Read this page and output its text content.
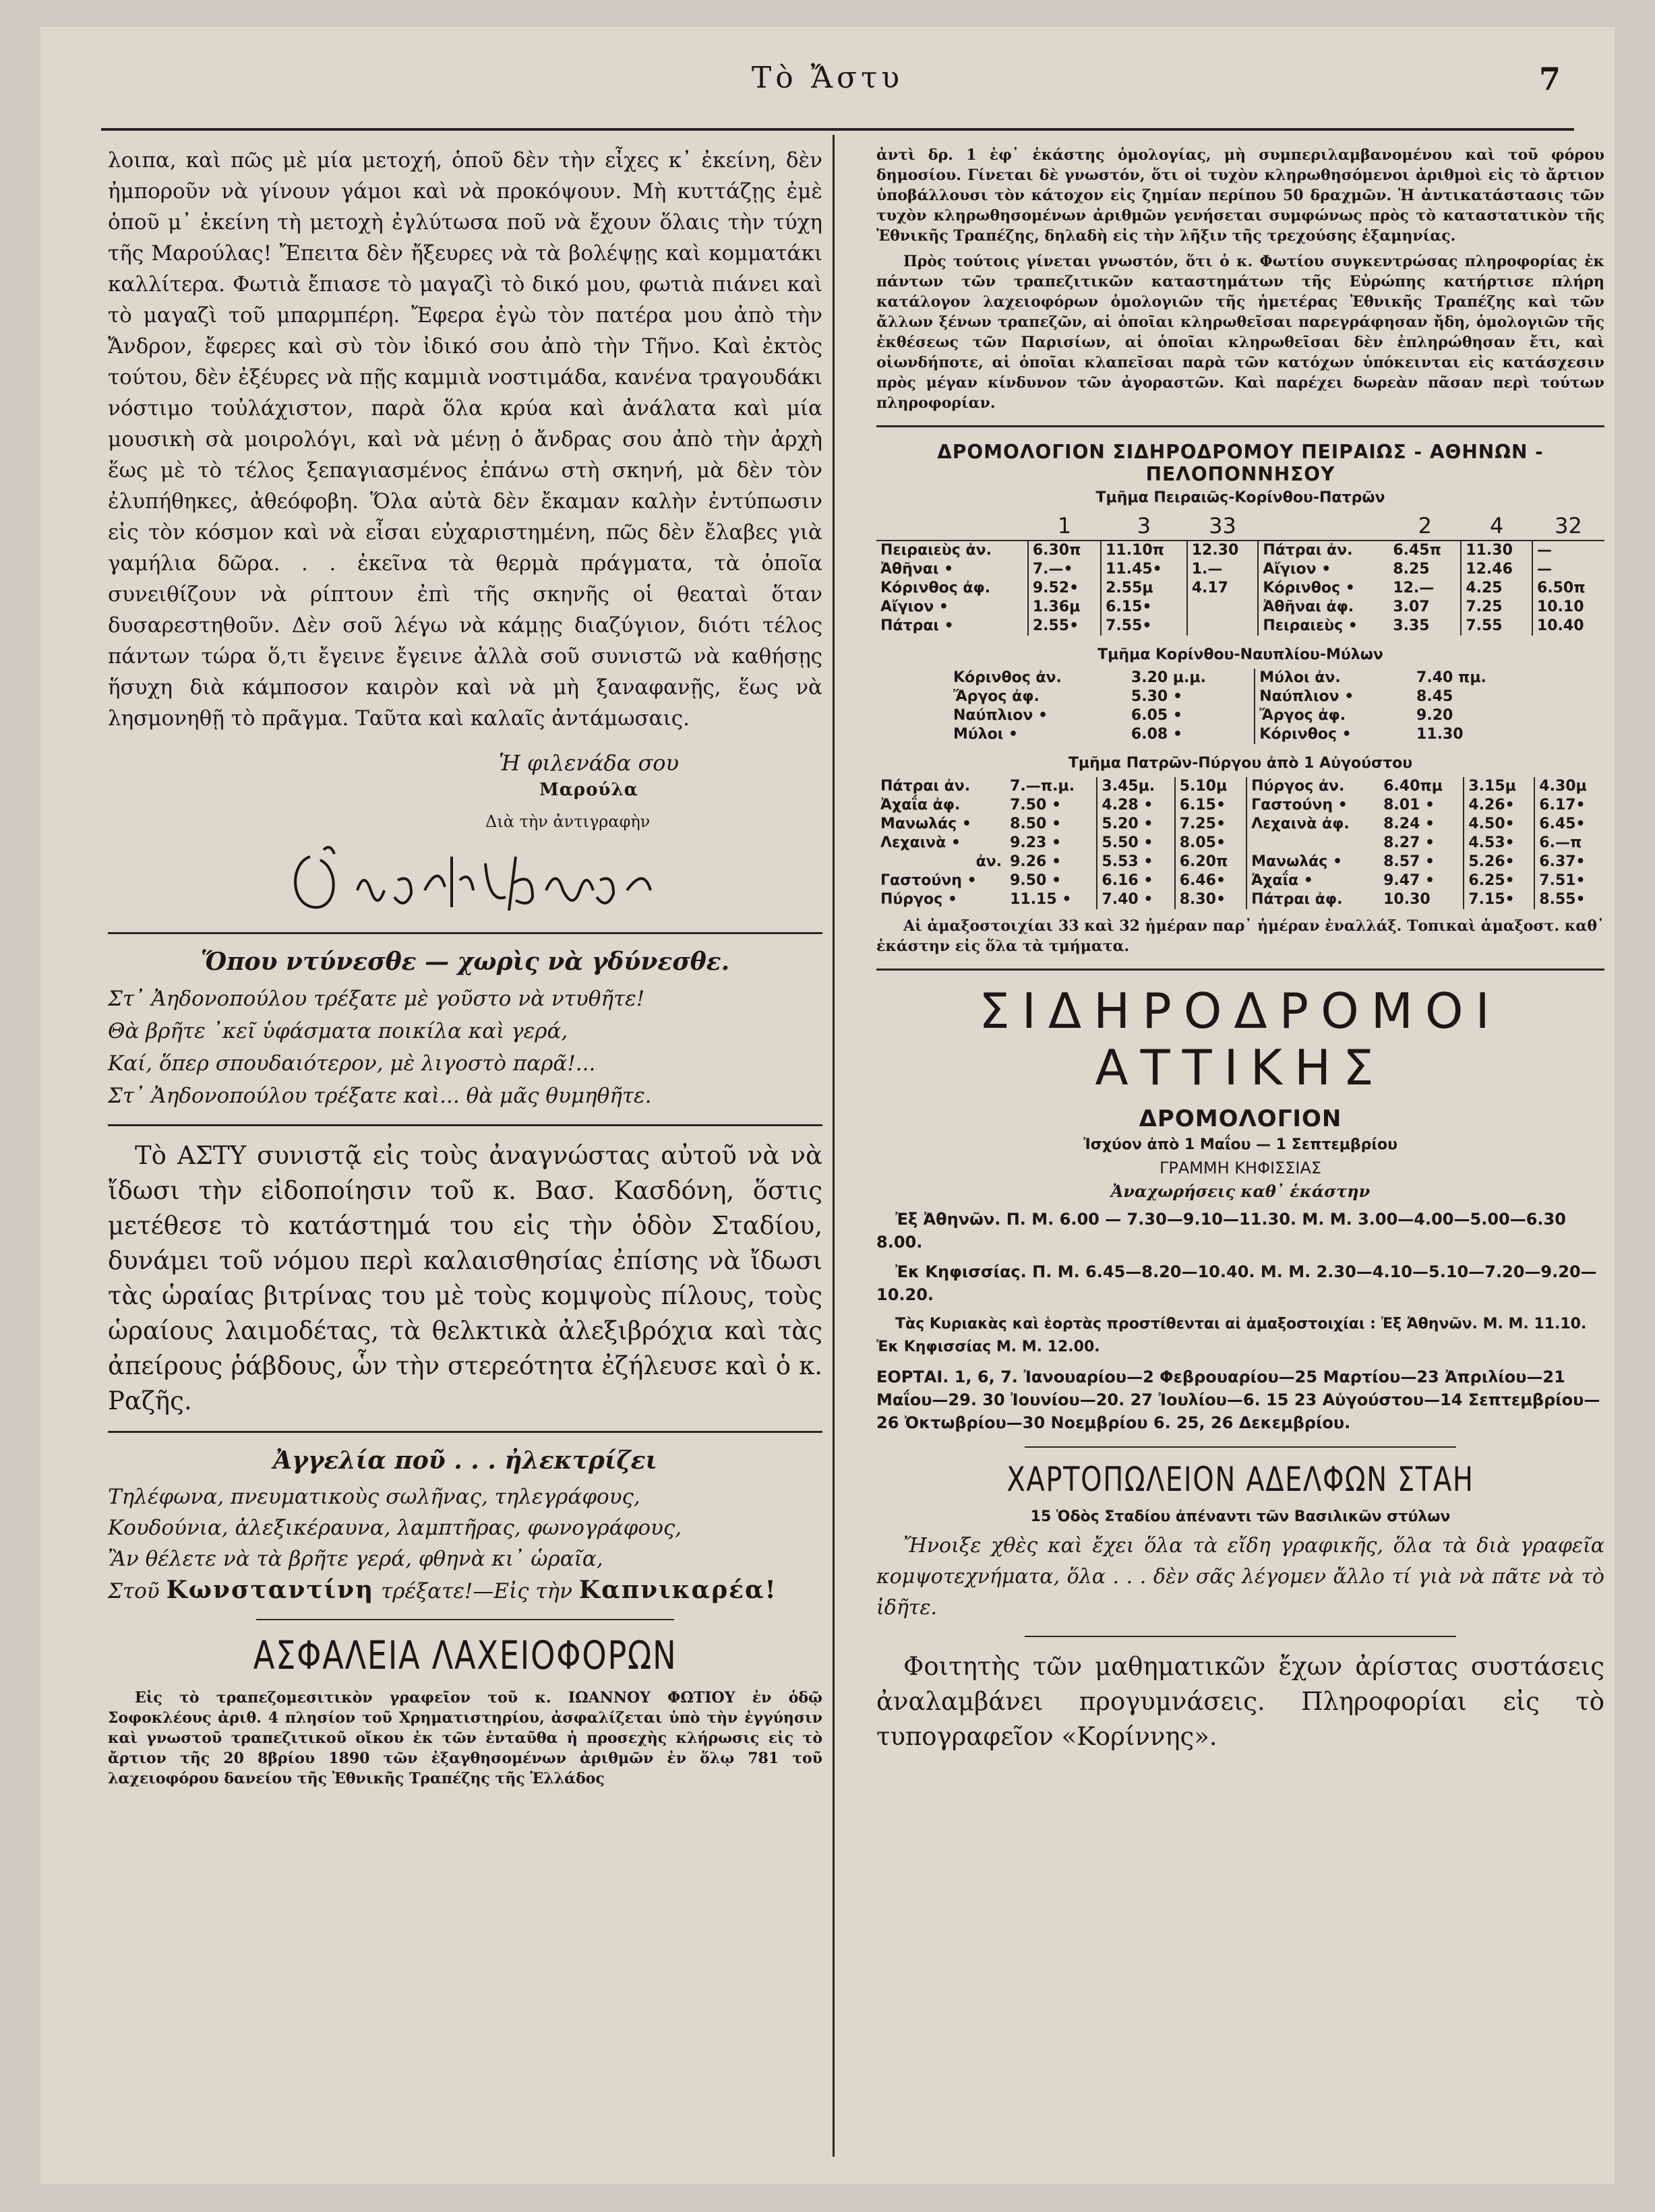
Τὸ Ἄστυ	7

λοιπα, καὶ πῶς μὲ μία μετοχή, ὁποῦ δὲν τὴν εἶχες κ᾽ ἐκείνη, δὲν ἠμποροῦν νὰ γίνουν γάμοι καὶ νὰ προκόψουν. Μὴ κυττάζῃς ἐμὲ ὁποῦ μ᾽ ἐκείνη τὴ μετοχὴ ἐγλύτωσα ποῦ νὰ ἔχουν ὅλαις τὴν τύχη τῆς Μαρούλας! Ἔπειτα δὲν ἤξευρες νὰ τὰ βολέψῃς καὶ κομματάκι καλλίτερα. Φωτιὰ ἔπιασε τὸ μαγαζὶ τὸ δικό μου, φωτιὰ πιάνει καὶ τὸ μαγαζὶ τοῦ μπαρμπέρη. Ἔφερα ἐγὼ τὸν πατέρα μου ἀπὸ τὴν Ἄνδρον, ἔφερες καὶ σὺ τὸν ἰδικό σου ἀπὸ τὴν Τῆνο. Καὶ ἐκτὸς τούτου, δὲν ἐξέυρες νὰ πῇς καμμιὰ νοστιμάδα, κανένα τραγουδάκι νόστιμο τοὐλάχιστον, παρὰ ὅλα κρύα καὶ ἀνάλατα καὶ μία μουσικὴ σὰ μοιρολόγι, καὶ νὰ μένῃ ὁ ἄνδρας σου ἀπὸ τὴν ἀρχὴ ἕως μὲ τὸ τέλος ξεπαγιασμένος ἐπάνω στὴ σκηνή, μὰ δὲν τὸν ἐλυπήθηκες, ἀθεόφοβη. Ὅλα αὐτὰ δὲν ἔκαμαν καλὴν ἐντύπωσιν εἰς τὸν κόσμον καὶ νὰ εἶσαι εὐχαριστημένη, πῶς δὲν ἔλαβες γιὰ γαμήλια δῶρα. . . ἐκεῖνα τὰ θερμὰ πράγματα, τὰ ὁποῖα συνειθίζουν νὰ ρίπτουν ἐπὶ τῆς σκηνῆς οἱ θεαταὶ ὅταν δυσαρεστηθοῦν. Δὲν σοῦ λέγω νὰ κάμῃς διαζύγιον, διότι τέλος πάντων τώρα ὅ,τι ἔγεινε ἔγεινε ἀλλὰ σοῦ συνιστῶ νὰ καθήσῃς ἥσυχη διὰ κάμποσον καιρὸν καὶ νὰ μὴ ξαναφανῇς, ἕως νὰ λησμονηθῇ τὸ πρᾶγμα. Ταῦτα καὶ καλαῖς ἀντάμωσαις.

Ἡ φιλενάδα σου
Μαρούλα
Διὰ τὴν ἀντιγραφὴν
Ὅπου ντύνεσθε — χωρὶς νὰ γδύνεσθε.

Στ᾽ Ἀηδονοπούλου τρέξατε μὲ γοῦστο νὰ ντυθῆτε!

Θὰ βρῆτε ᾽κεῖ ὑφάσματα ποικίλα καὶ γερά,

Καί, ὅπερ σπουδαιότερον, μὲ λιγοστὸ παρᾶ!...

Στ᾽ Ἀηδονοπούλου τρέξατε καὶ... θὰ μᾶς θυμηθῆτε.

Τὸ ΑΣΤΥ συνιστᾷ εἰς τοὺς ἀναγνώστας αὐτοῦ νὰ νὰ ἴδωσι τὴν εἰδοποίησιν τοῦ κ. Βασ. Κασδόνη, ὅστις μετέθεσε τὸ κατάστημά του εἰς τὴν ὁδὸν Σταδίου, δυνάμει τοῦ νόμου περὶ καλαισθησίας ἐπίσης νὰ ἴδωσι τὰς ὡραίας βιτρίνας του μὲ τοὺς κομψοὺς πίλους, τοὺς ὡραίους λαιμοδέτας, τὰ θελκτικὰ ἀλεξιβρόχια καὶ τὰς ἀπείρους ῥάβδους, ὧν τὴν στερεότητα ἐζήλευσε καὶ ὁ κ. Ραζῆς.

Ἀγγελία ποῦ . . . ἠλεκτρίζει

Τηλέφωνα, πνευματικοὺς σωλῆνας, τηλεγράφους,

Κουδούνια, ἀλεξικέραυνα, λαμπτῆρας, φωνογράφους,

Ἂν θέλετε νὰ τὰ βρῆτε γερά, φθηνὰ κι᾽ ὡραῖα,

Στοῦ Κωνσταντίνη τρέξατε!—Εἰς τὴν Καπνικαρέα!

ΑΣΦΑΛΕΙΑ ΛΑΧΕΙΟΦΟΡΩΝ

Εἰς τὸ τραπεζομεσιτικὸν γραφεῖον τοῦ κ. ΙΩΑΝΝΟΥ ΦΩΤΙΟΥ ἐν ὁδῷ Σοφοκλέους ἀριθ. 4 πλησίον τοῦ Χρηματιστηρίου, ἀσφαλίζεται ὑπὸ τὴν ἐγγύησιν καὶ γνωστοῦ τραπεζιτικοῦ οἴκου ἐκ τῶν ἐνταῦθα ἡ προσεχὴς κλήρωσις εἰς τὸ ἄρτιον τῆς 20 8βρίου 1890 τῶν ἐξαγθησομένων ἀριθμῶν ἐν ὅλῳ 781 τοῦ λαχειοφόρου δανείου τῆς Ἐθνικῆς Τραπέζης τῆς Ἑλλάδος

ἀντὶ δρ. 1 ἐφ᾽ ἑκάστης ὁμολογίας, μὴ συμπεριλαμβανομένου καὶ τοῦ φόρου δημοσίου. Γίνεται δὲ γνωστόν, ὅτι οἱ τυχὸν κληρωθησόμενοι ἀριθμοὶ εἰς τὸ ἄρτιον ὑποβάλλουσι τὸν κάτοχον εἰς ζημίαν περίπου 50 δραχμῶν. Ἡ ἀντικατάστασις τῶν τυχὸν κληρωθησομένων ἀριθμῶν γενήσεται συμφώνως πρὸς τὸ καταστατικὸν τῆς Ἐθνικῆς Τραπέζης, δηλαδὴ εἰς τὴν λῆξιν τῆς τρεχούσης ἑξαμηνίας.

Πρὸς τούτοις γίνεται γνωστόν, ὅτι ὁ κ. Φωτίου συγκεντρώσας πληροφορίας ἐκ πάντων τῶν τραπεζιτικῶν καταστημάτων τῆς Εὐρώπης κατήρτισε πλήρη κατάλογον λαχειοφόρων ὁμολογιῶν τῆς ἡμετέρας Ἐθνικῆς Τραπέζης καὶ τῶν ἄλλων ξένων τραπεζῶν, αἱ ὁποῖαι κληρωθεῖσαι παρεγράφησαν ἤδη, ὁμολογιῶν τῆς ἐκθέσεως τῶν Παρισίων, αἱ ὁποῖαι κληρωθεῖσαι δὲν ἐπληρώθησαν ἔτι, καὶ οἱωνδήποτε, αἱ ὁποῖαι κλαπεῖσαι παρὰ τῶν κατόχων ὑπόκεινται εἰς κατάσχεσιν πρὸς μέγαν κίνδυνον τῶν ἀγοραστῶν. Καὶ παρέχει δωρεὰν πᾶσαν περὶ τούτων πληροφορίαν.

ΔΡΟΜΟΛΟΓΙΟΝ ΣΙΔΗΡΟΔΡΟΜΟΥ ΠΕΙΡΑΙΩΣ - ΑΘΗΝΩΝ - ΠΕΛΟΠΟΝΝΗΣΟΥ
Τμῆμα Πειραιῶς-Κορίνθου-Πατρῶν
	1	3	33		2	4	32
Πειραιεὺς ἀν.	6.30π	11.10π	12.30	Πάτραι ἀν.	6.45π	11.30	—
Ἀθῆναι •	7.—•	11.45•	1.—	Αἴγιον •	8.25	12.46	—
Κόρινθος ἀφ.	9.52•	2.55μ	4.17	Κόρινθος •	12.—	4.25	6.50π
Αἴγιον •	1.36μ	6.15•		Ἀθῆναι ἀφ.	3.07	7.25	10.10
Πάτραι •	2.55•	7.55•		Πειραιεὺς •	3.35	7.55	10.40
Τμῆμα Κορίνθου-Ναυπλίου-Μύλων
Κόρινθος ἀν.	3.20 μ.μ.	Μύλοι ἀν.	7.40 πμ.
Ἄργος ἀφ.	5.30 •	Ναύπλιον •	8.45
Ναύπλιον •	6.05 •	Ἄργος ἀφ.	9.20
Μύλοι •	6.08 •	Κόρινθος •	11.30
Τμῆμα Πατρῶν-Πύργου ἀπὸ 1 Αὐγούστου
Πάτραι ἀν.	7.—π.μ.	3.45μ.	5.10μ	Πύργος ἀν.	6.40πμ	3.15μ	4.30μ
Ἀχαΐα ἀφ.	7.50 •	4.28 •	6.15•	Γαστούνη •	8.01 •	4.26•	6.17•
Μανωλάς •	8.50 •	5.20 •	7.25•	Λεχαινὰ ἀφ.	8.24 •	4.50•	6.45•
Λεχαινὰ •	9.23 •	5.50 •	8.05•		8.27 •	4.53•	6.—π
ἀν.	9.26 •	5.53 •	6.20π	Μανωλάς •	8.57 •	5.26•	6.37•
Γαστούνη •	9.50 •	6.16 •	6.46•	Ἀχαΐα •	9.47 •	6.25•	7.51•
Πύργος •	11.15 •	7.40 •	8.30•	Πάτραι ἀφ.	10.30	7.15•	8.55•

Αἱ ἁμαξοστοιχίαι 33 καὶ 32 ἡμέραν παρ᾽ ἡμέραν ἐναλλάξ. Τοπικαὶ ἁμαξοστ. καθ᾽ ἑκάστην εἰς ὅλα τὰ τμήματα.

ΣΙΔΗΡΟΔΡΟΜΟΙ ΑΤΤΙΚΗΣ
ΔΡΟΜΟΛΟΓΙΟΝ
Ἰσχύον ἀπὸ 1 Μαΐου — 1 Σεπτεμβρίου
ΓΡΑΜΜΗ ΚΗΦΙΣΣΙΑΣ
Ἀναχωρήσεις καθ᾽ ἑκάστην

Ἐξ Ἀθηνῶν. Π. Μ. 6.00 — 7.30—9.10—11.30. Μ. Μ. 3.00—4.00—5.00—6.30 8.00.

Ἐκ Κηφισσίας. Π. Μ. 6.45—8.20—10.40. Μ. Μ. 2.30—4.10—5.10—7.20—9.20—10.20.

Τὰς Κυριακὰς καὶ ἑορτὰς προστίθενται αἱ ἁμαξοστοιχίαι : Ἐξ Ἀθηνῶν. Μ. Μ. 11.10. Ἐκ Κηφισσίας Μ. Μ. 12.00.

ΕΟΡΤΑΙ. 1, 6, 7. Ἰανουαρίου—2 Φεβρουαρίου—25 Μαρτίου—23 Ἀπριλίου—21 Μαΐου—29. 30 Ἰουνίου—20. 27 Ἰουλίου—6. 15 23 Αὐγούστου—14 Σεπτεμβρίου—26 Ὀκτωβρίου—30 Νοεμβρίου 6. 25, 26 Δεκεμβρίου.

ΧΑΡΤΟΠΩΛΕΙΟΝ ΑΔΕΛΦΩΝ ΣΤΑΗ
15 Ὁδὸς Σταδίου ἀπέναντι τῶν Βασιλικῶν στύλων

Ἤνοιξε χθὲς καὶ ἔχει ὅλα τὰ εἴδη γραφικῆς, ὅλα τὰ διὰ γραφεῖα κομψοτεχνήματα, ὅλα . . . δὲν σᾶς λέγομεν ἄλλο τί γιὰ νὰ πᾶτε νὰ τὸ ἰδῆτε.

Φοιτητὴς τῶν μαθηματικῶν ἔχων ἀρίστας συστάσεις ἀναλαμβάνει προγυμνάσεις. Πληροφορίαι εἰς τὸ τυπογραφεῖον «Κορίννης».
